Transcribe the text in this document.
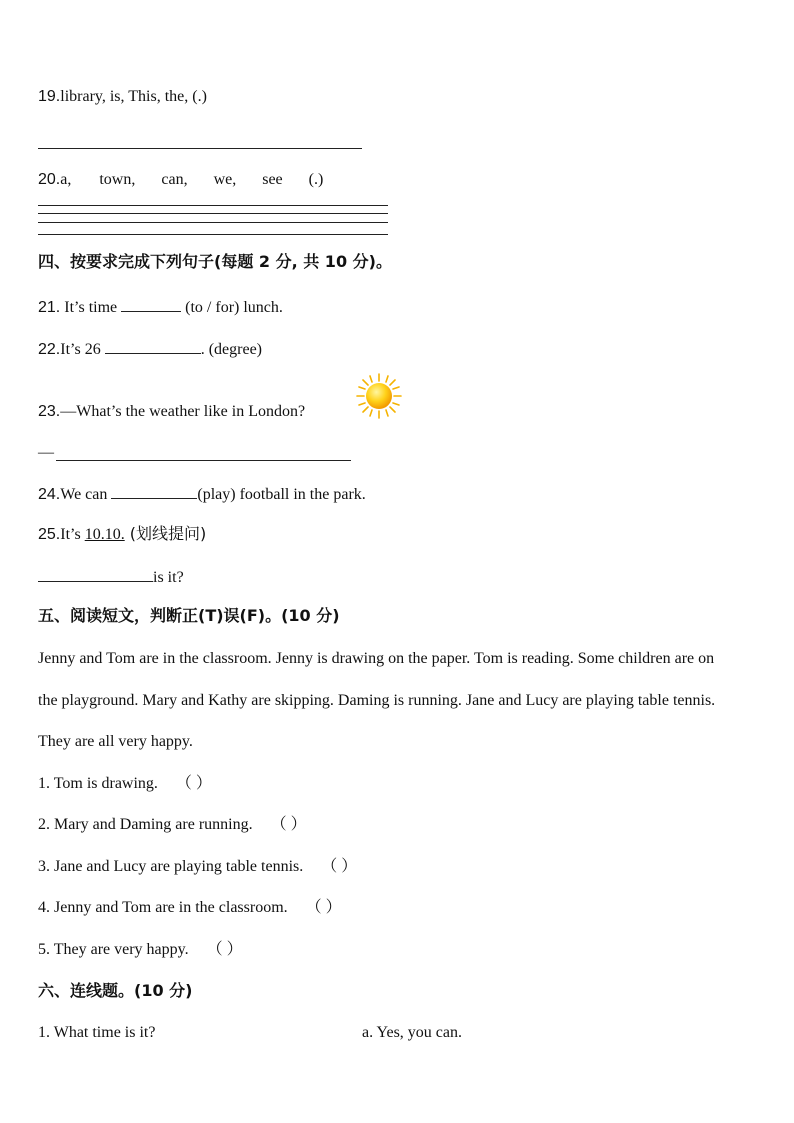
19.library, is, This, the, (.)
20.a, town, can, we, see (.)
四、按要求完成下列句子(每题 2 分, 共 10 分)。
21. It’s time	(to / for) lunch.
22.It’s 26	. (degree)
23.—What’s the weather like in London?
—
24.We can	(play) football in the park.
25.It’s 10.10. (划线提问)
is it?
五、阅读短文，判断正(T)误(F)。(10 分)
Jenny and Tom are in the classroom. Jenny is drawing on the paper. Tom is reading. Some children are on the playground. Mary and Kathy are skipping. Daming is running. Jane and Lucy are playing table tennis. They are all very happy.
1. Tom is drawing. （ ）
2. Mary and Daming are running. （ ）
3. Jane and Lucy are playing table tennis. （ ）
4. Jenny and Tom are in the classroom. （ ）
5. They are very happy. （ ）
六、连线题。(10 分)
1. What time is it?	a. Yes, you can.
